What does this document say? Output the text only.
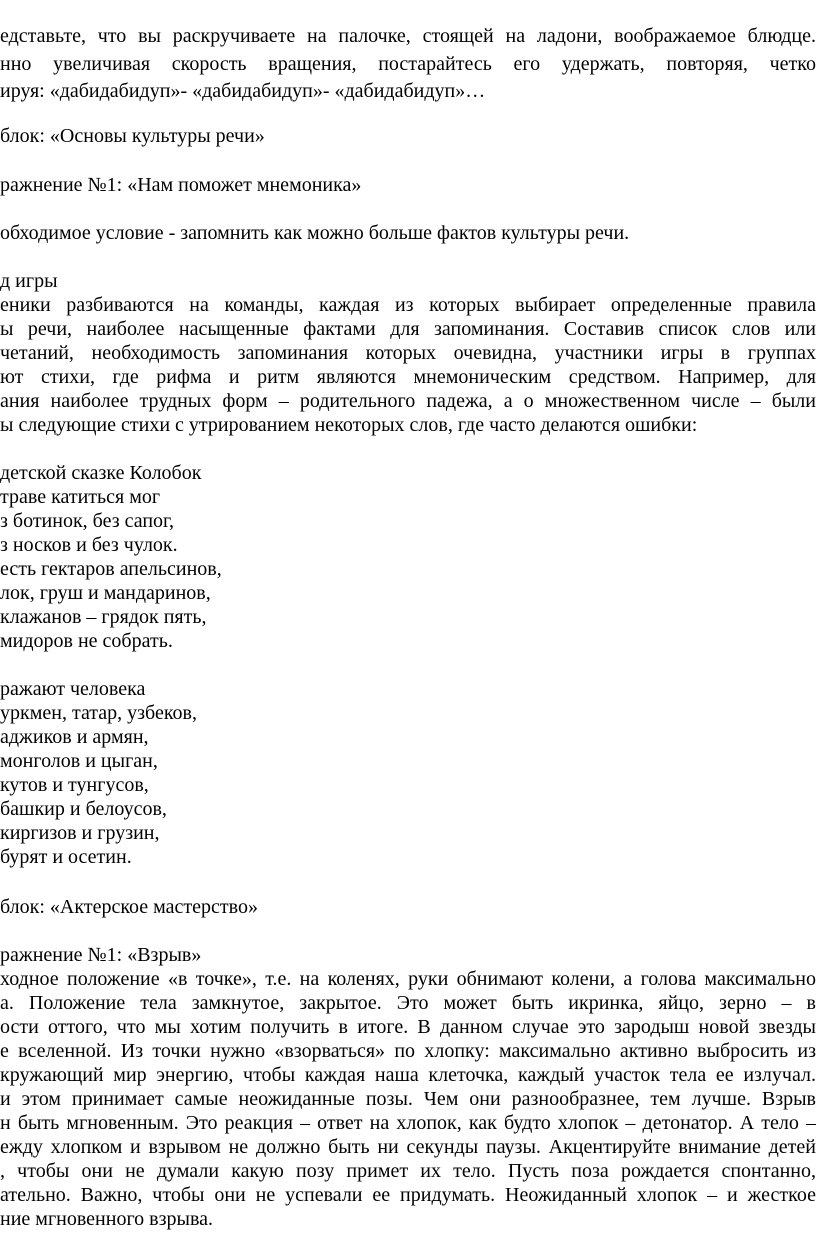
едставьте, что вы раскручиваете на палочке, стоящей на ладони, воображаемое блюдце.
нно увеличивая скорость вращения, постарайтесь его удержать, повторяя, четко
ируя: «дабидабидуп»- «дабидабидуп»- «дабидабидуп»…
блок: «Основы культуры речи»
ражнение №1: «Нам поможет мнемоника»
обходимое условие - запомнить как можно больше фактов культуры речи.
д игры
еники разбиваются на команды, каждая из которых выбирает определенные правила
ы речи, наиболее насыщенные фактами для запоминания. Составив список слов или
четаний, необходимость запоминания которых очевидна, участники игры в группах
ют стихи, где рифма и ритм являются мнемоническим средством. Например, для
ания наиболее трудных форм – родительного падежа, а о множественном числе – были
ы следующие стихи с утрированием некоторых слов, где часто делаются ошибки:
детской сказке Колобок
траве катиться мог
з ботинок, без сапог,
з носков и без чулок.
есть гектаров апельсинов,
лок, груш и мандаринов,
клажанов – грядок пять,
мидоров не собрать.
ражают человека
уркмен, татар, узбеков,
аджиков и армян,
монголов и цыган,
кутов и тунгусов,
башкир и белоусов,
киргизов и грузин,
бурят и осетин.
блок: «Актерское мастерство»
ражнение №1: «Взрыв»
ходное положение «в точке», т.е. на коленях, руки обнимают колени, а голова максимально
а. Положение тела замкнутое, закрытое. Это может быть икринка, яйцо, зерно – в
ости оттого, что мы хотим получить в итоге. В данном случае это зародыш новой звезды
е вселенной. Из точки нужно «взорваться» по хлопку: максимально активно выбросить из
кружающий мир энергию, чтобы каждая наша клеточка, каждый участок тела ее излучал.
и этом принимает самые неожиданные позы. Чем они разнообразнее, тем лучше. Взрыв
н быть мгновенным. Это реакция – ответ на хлопок, как будто хлопок – детонатор. А тело –
ежду хлопком и взрывом не должно быть ни секунды паузы. Акцентируйте внимание детей
, чтобы они не думали какую позу примет их тело. Пусть поза рождается спонтанно,
ательно. Важно, чтобы они не успевали ее придумать. Неожиданный хлопок – и жесткое
ние мгновенного взрыва.
